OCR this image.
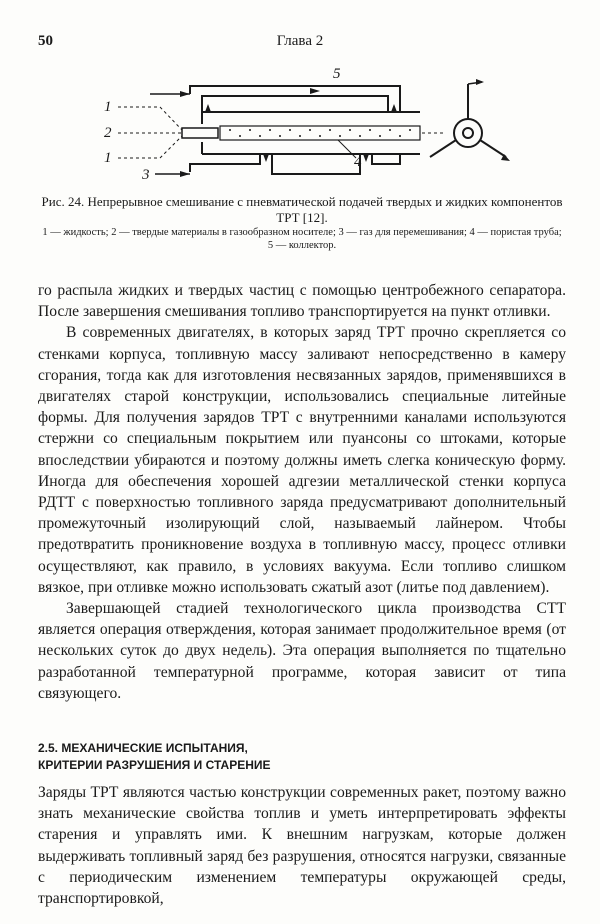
50	Глава 2
1
2
1
3
4
5
Рис. 24. Непрерывное смешивание с пневматической подачей твердых и жидких компонентов ТРТ [12].
1 — жидкость; 2 — твердые материалы в газообразном носителе; 3 — газ для перемешивания; 4 — пористая труба; 5 — коллектор.

го распыла жидких и твердых частиц с помощью центробежного сепаратора. После завершения смешивания топливо транспортируется на пункт отливки.

В современных двигателях, в которых заряд ТРТ прочно скрепляется со стенками корпуса, топливную массу заливают непосредственно в камеру сгорания, тогда как для изготовления несвязанных зарядов, применявшихся в двигателях старой конструкции, использовались специальные литейные формы. Для получения зарядов ТРТ с внутренними каналами используются стержни со специальным покрытием или пуансоны со штоками, которые впоследствии убираются и поэтому должны иметь слегка коническую форму. Иногда для обеспечения хорошей адгезии металлической стенки корпуса РДТТ с поверхностью топливного заряда предусматривают дополнительный промежуточный изолирующий слой, называемый лайнером. Чтобы предотвратить проникновение воздуха в топливную массу, процесс отливки осуществляют, как правило, в условиях вакуума. Если топливо слишком вязкое, при отливке можно использовать сжатый азот (литье под давлением).

Завершающей стадией технологического цикла производства СТТ является операция отверждения, которая занимает продолжительное время (от нескольких суток до двух недель). Эта операция выполняется по тщательно разработанной температурной программе, которая зависит от типа связующего.

2.5. МЕХАНИЧЕСКИЕ ИСПЫТАНИЯ,
КРИТЕРИИ РАЗРУШЕНИЯ И СТАРЕНИЕ

Заряды ТРТ являются частью конструкции современных ракет, поэтому важно знать механические свойства топлив и уметь интерпретировать эффекты старения и управлять ими. К внешним нагрузкам, которые должен выдерживать топливный заряд без разрушения, относятся нагрузки, связанные с периодическим изменением температуры окружающей среды, транспортировкой,
